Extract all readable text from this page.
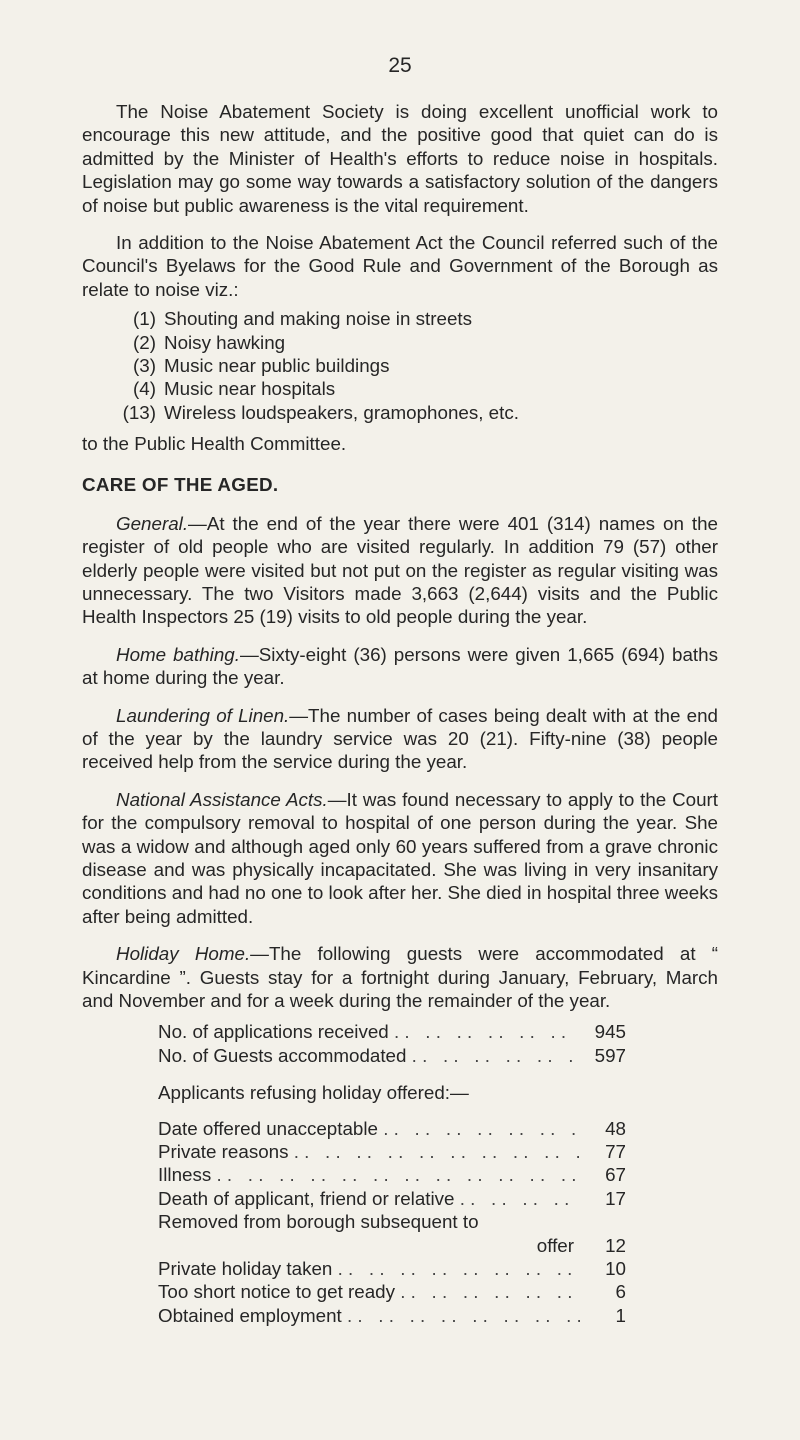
25

The Noise Abatement Society is doing excellent unofficial work to encourage this new attitude, and the positive good that quiet can do is admitted by the Minister of Health's efforts to reduce noise in hospitals. Legislation may go some way towards a satisfactory solution of the dangers of noise but public awareness is the vital requirement.

In addition to the Noise Abatement Act the Council referred such of the Council's Byelaws for the Good Rule and Government of the Borough as relate to noise viz.:

(1) Shouting and making noise in streets
(2) Noisy hawking
(3) Music near public buildings
(4) Music near hospitals
(13) Wireless loudspeakers, gramophones, etc.

to the Public Health Committee.

CARE OF THE AGED.

General.—At the end of the year there were 401 (314) names on the register of old people who are visited regularly. In addition 79 (57) other elderly people were visited but not put on the register as regular visiting was unnecessary. The two Visitors made 3,663 (2,644) visits and the Public Health Inspectors 25 (19) visits to old people during the year.

Home bathing.—Sixty-eight (36) persons were given 1,665 (694) baths at home during the year.

Laundering of Linen.—The number of cases being dealt with at the end of the year by the laundry service was 20 (21). Fifty-nine (38) people received help from the service during the year.

National Assistance Acts.—It was found necessary to apply to the Court for the compulsory removal to hospital of one person during the year. She was a widow and although aged only 60 years suffered from a grave chronic disease and was physically incapacitated. She was living in very insanitary conditions and had no one to look after her. She died in hospital three weeks after being admitted.

Holiday Home.—The following guests were accommodated at “ Kincardine ”. Guests stay for a fortnight during January, February, March and November and for a week during the remainder of the year.

No. of applications received . .	945
No. of Guests accommodated . .	597
Applicants refusing holiday offered:—
Date offered unacceptable . .	48
Private reasons . .	77
Illness . .	67
Death of applicant, friend or relative . .	17
Removed from borough subsequent to
offer	12
Private holiday taken . .	10
Too short notice to get ready . .	6
Obtained employment . .	1
